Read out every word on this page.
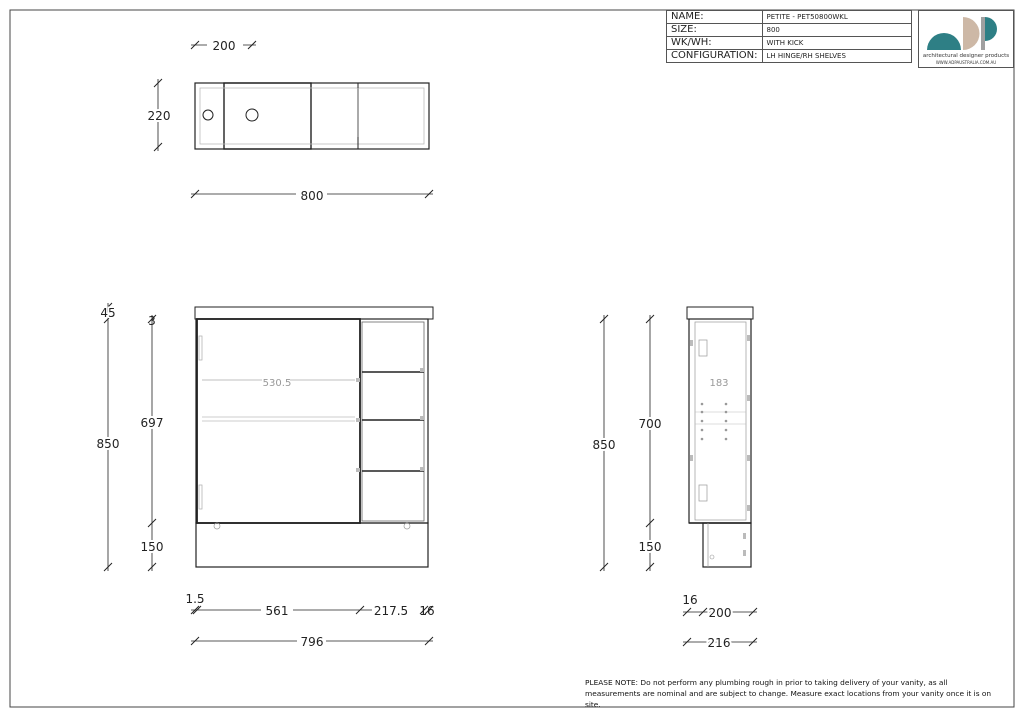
200
220
800
530.5
45
3
850
697
150
1.5
561	217.5 16
796
183
850
700
150
16
200
216
NAME:	PETITE - PET50800WKL
SIZE:	800
WK/WH:	WITH KICK
CONFIGURATION:	LH HINGE/RH SHELVES	architectural designer products
WWW.ADPAUSTRALIA.COM.AU
PLEASE NOTE: Do not perform any plumbing rough in prior to taking delivery of your vanity, as all measurements are nominal and are subject to change. Measure exact locations from your vanity once it is on site.
